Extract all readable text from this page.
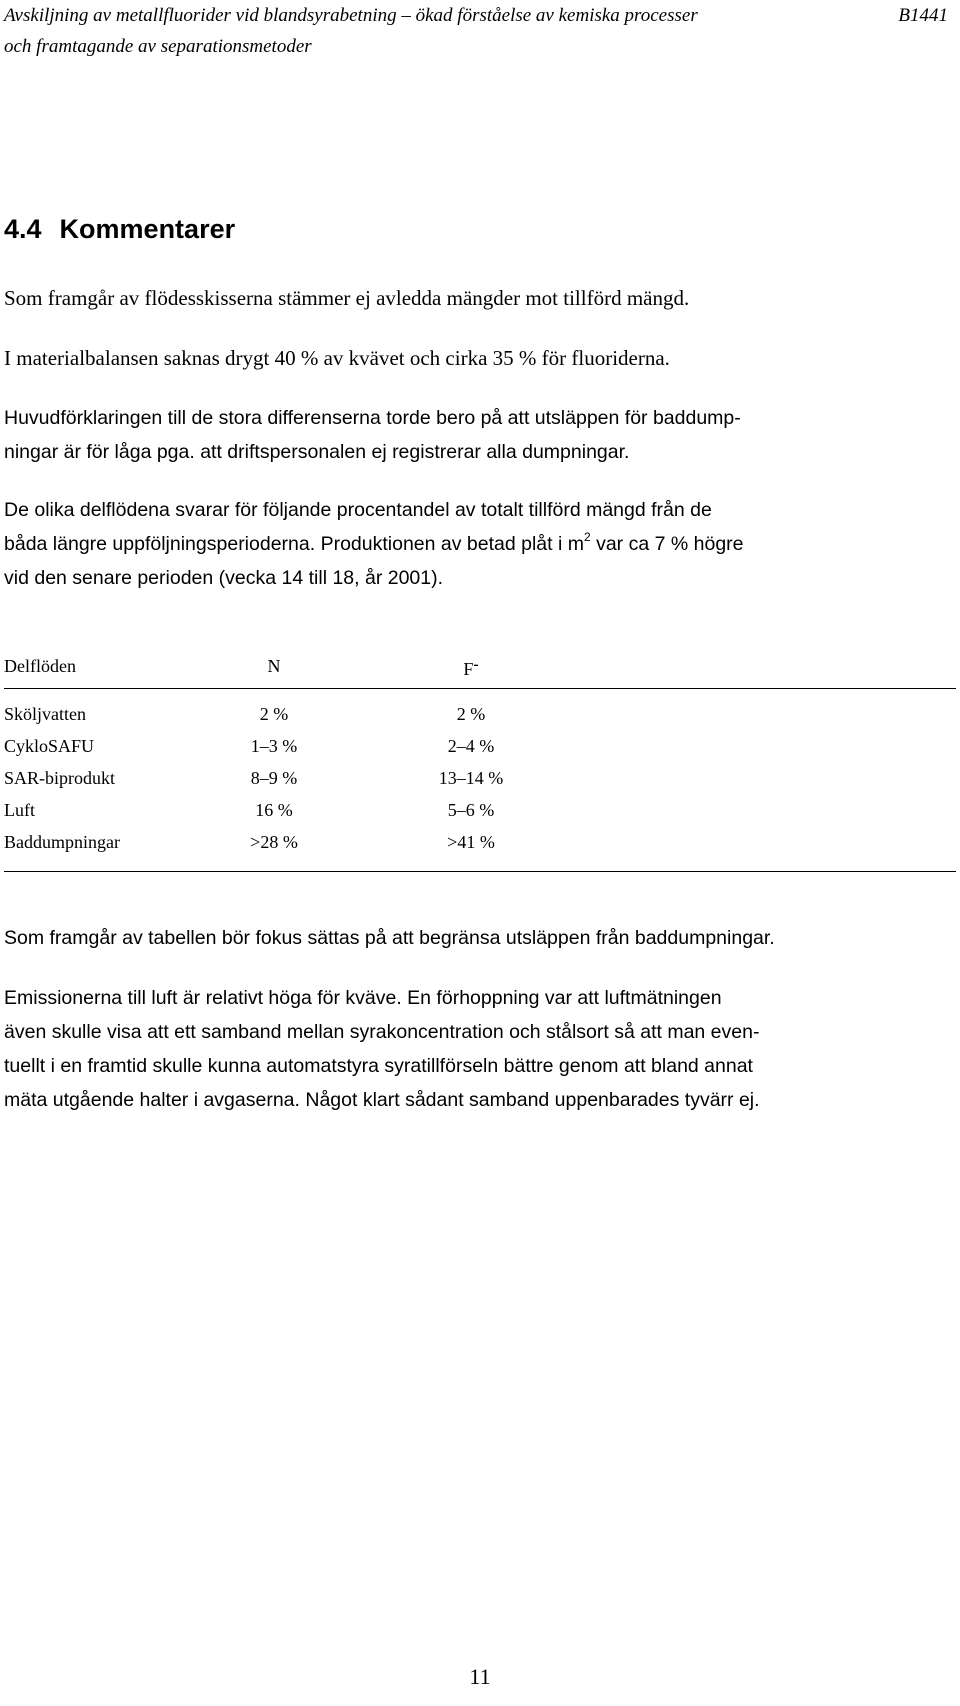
Avskiljning av metallfluorider vid blandsyrabetning – ökad förståelse av kemiska processer
och framtagande av separationsmetoder
B1441
4.4 Kommentarer

Som framgår av flödesskisserna stämmer ej avledda mängder mot tillförd mängd.

I materialbalansen saknas drygt 40 % av kvävet och cirka 35 % för fluoriderna.

Huvudförklaringen till de stora differenserna torde bero på att utsläppen för baddump-
ningar är för låga pga. att driftspersonalen ej registrerar alla dumpningar.

De olika delflödena svarar för följande procentandel av totalt tillförd mängd från de
båda längre uppföljningsperioderna. Produktionen av betad plåt i $m^2$ var ca 7 % högre
vid den senare perioden (vecka 14 till 18, år 2001).

Delflöden	N	F-
Sköljvatten	2 %	2 %
CykloSAFU	1–3 %	2–4 %
SAR-biprodukt	8–9 %	13–14 %
Luft	16 %	5–6 %
Baddumpningar	>28 %	>41 %

Som framgår av tabellen bör fokus sättas på att begränsa utsläppen från baddumpningar.

Emissionerna till luft är relativt höga för kväve. En förhoppning var att luftmätningen
även skulle visa att ett samband mellan syrakoncentration och stålsort så att man even-
tuellt i en framtid skulle kunna automatstyra syratillförseln bättre genom att bland annat
mäta utgående halter i avgaserna. Något klart sådant samband uppenbarades tyvärr ej.

11
